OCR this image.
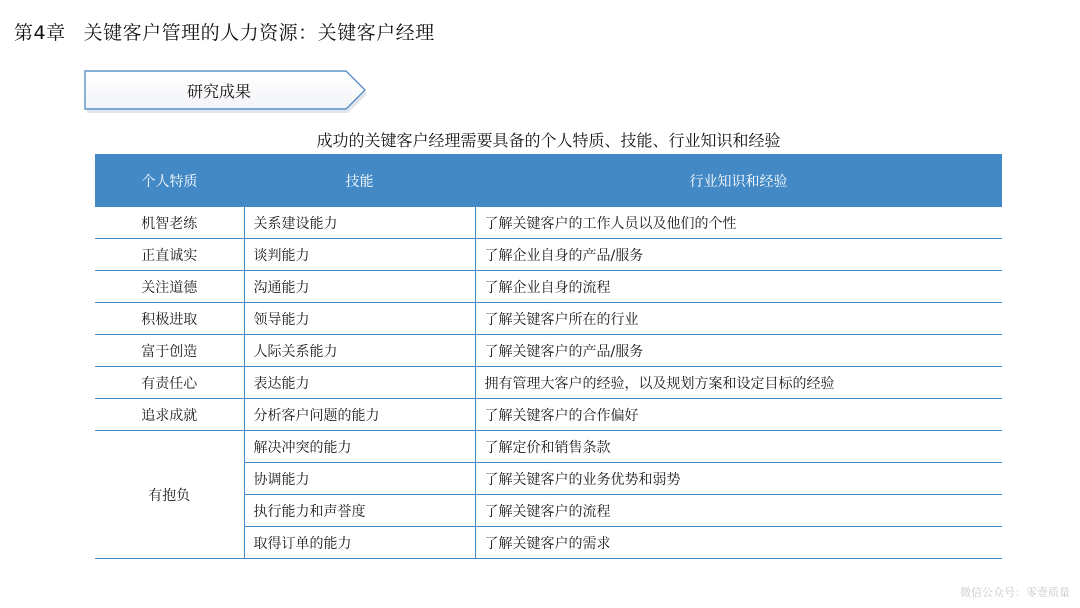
第4章 关键客户管理的人力资源：关键客户经理
研究成果
成功的关键客户经理需要具备的个人特质、技能、行业知识和经验
个人特质	技能	行业知识和经验
机智老练	关系建设能力	了解关键客户的工作人员以及他们的个性
正直诚实	谈判能力	了解企业自身的产品/服务
关注道德	沟通能力	了解企业自身的流程
积极进取	领导能力	了解关键客户所在的行业
富于创造	人际关系能力	了解关键客户的产品/服务
有责任心	表达能力	拥有管理大客户的经验，以及规划方案和设定目标的经验
追求成就	分析客户问题的能力	了解关键客户的合作偏好
有抱负	解决冲突的能力	了解定价和销售条款
	协调能力	了解关键客户的业务优势和弱势
	执行能力和声誉度	了解关键客户的流程
	取得订单的能力	了解关键客户的需求
微信公众号：零壹质量
